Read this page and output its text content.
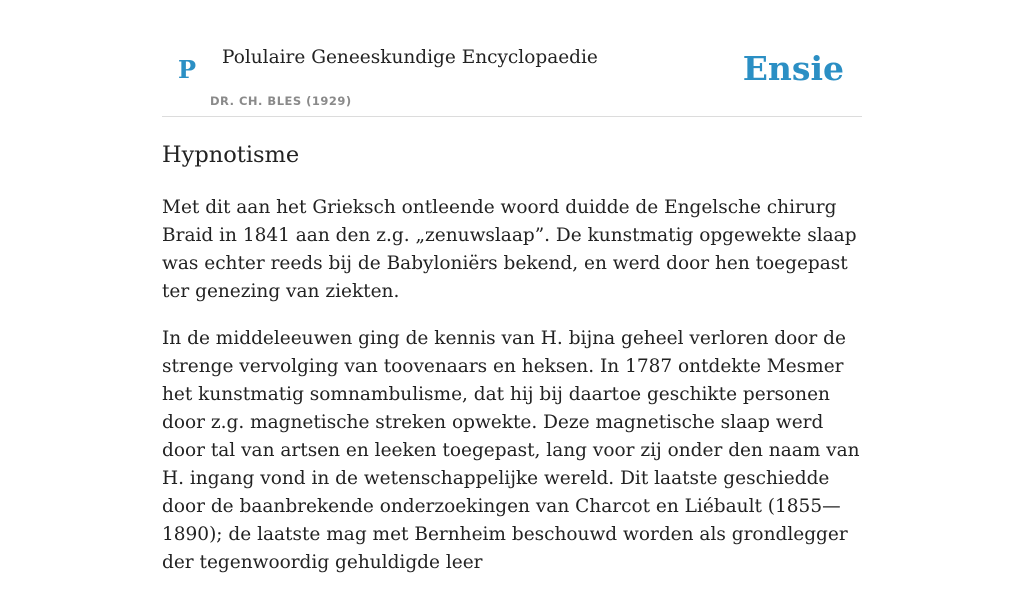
P Polulaire Geneeskundige Encyclopaedie
DR. CH. BLES (1929)
Ensie
Hypnotisme

Met dit aan het Grieksch ontleende woord duidde de Engelsche chirurg Braid in 1841 aan den z.g. „zenuwslaap”. De kunstmatig opgewekte slaap was echter reeds bij de Babyloniërs bekend, en werd door hen toegepast ter genezing van ziekten.

In de middeleeuwen ging de kennis van H. bijna geheel verloren door de strenge vervolging van toovenaars en heksen. In 1787 ontdekte Mesmer het kunstmatig somnambulisme, dat hij bij daartoe geschikte personen door z.g. magnetische streken opwekte. Deze magnetische slaap werd door tal van artsen en leeken toegepast, lang voor zij onder den naam van H. ingang vond in de wetenschappelijke wereld. Dit laatste geschiedde door de baanbrekende onderzoekingen van Charcot en Liébault (1855—1890); de laatste mag met Bernheim beschouwd worden als grondlegger der tegenwoordig gehuldigde leer
